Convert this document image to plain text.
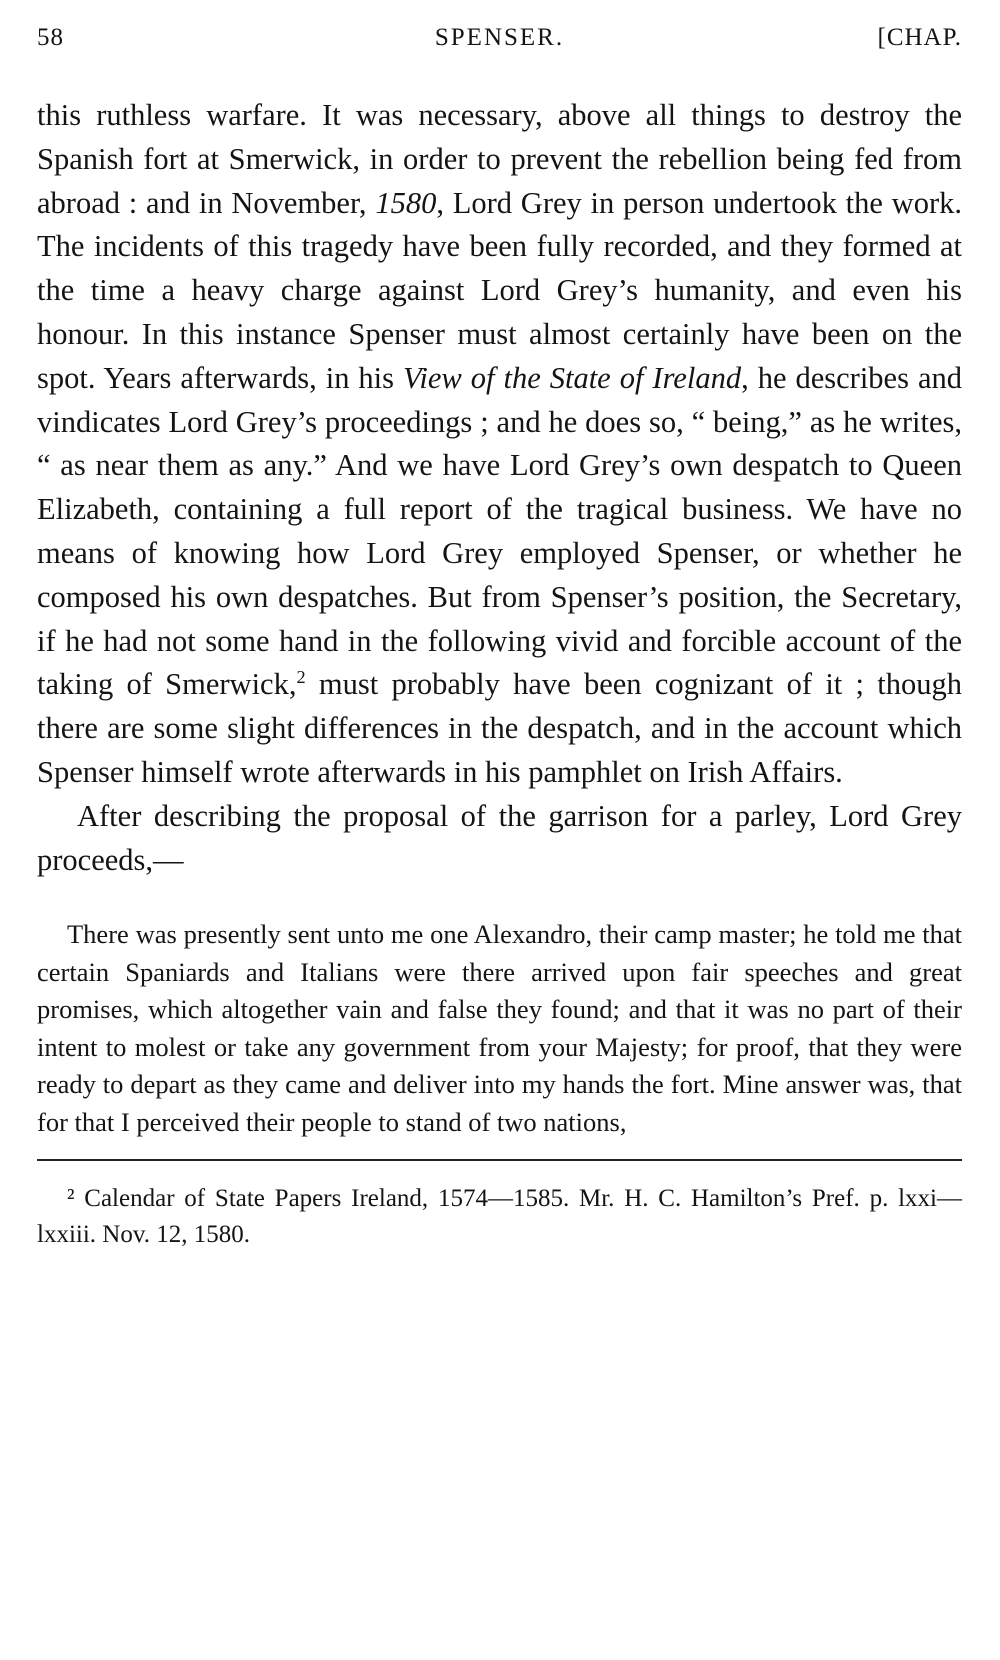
58	SPENSER.	[CHAP.

this ruthless warfare. It was necessary, above all things to destroy the Spanish fort at Smerwick, in order to prevent the rebellion being fed from abroad : and in November, 1580, Lord Grey in person undertook the work. The incidents of this tragedy have been fully recorded, and they formed at the time a heavy charge against Lord Grey’s humanity, and even his honour. In this instance Spenser must almost certainly have been on the spot. Years afterwards, in his View of the State of Ireland, he describes and vindicates Lord Grey’s proceedings ; and he does so, “ being,” as he writes, “ as near them as any.” And we have Lord Grey’s own despatch to Queen Elizabeth, containing a full report of the tragical business. We have no means of knowing how Lord Grey employed Spenser, or whether he composed his own despatches. But from Spenser’s position, the Secretary, if he had not some hand in the following vivid and forcible account of the taking of Smerwick,$^2$ must probably have been cognizant of it ; though there are some slight differences in the despatch, and in the account which Spenser himself wrote afterwards in his pamphlet on Irish Affairs.

After describing the proposal of the garrison for a parley, Lord Grey proceeds,—

There was presently sent unto me one Alexandro, their camp master; he told me that certain Spaniards and Italians were there arrived upon fair speeches and great promises, which altogether vain and false they found; and that it was no part of their intent to molest or take any government from your Majesty; for proof, that they were ready to depart as they came and deliver into my hands the fort. Mine answer was, that for that I perceived their people to stand of two nations,
² Calendar of State Papers Ireland, 1574—1585. Mr. H. C. Hamilton’s Pref. p. lxxi—lxxiii. Nov. 12, 1580.
